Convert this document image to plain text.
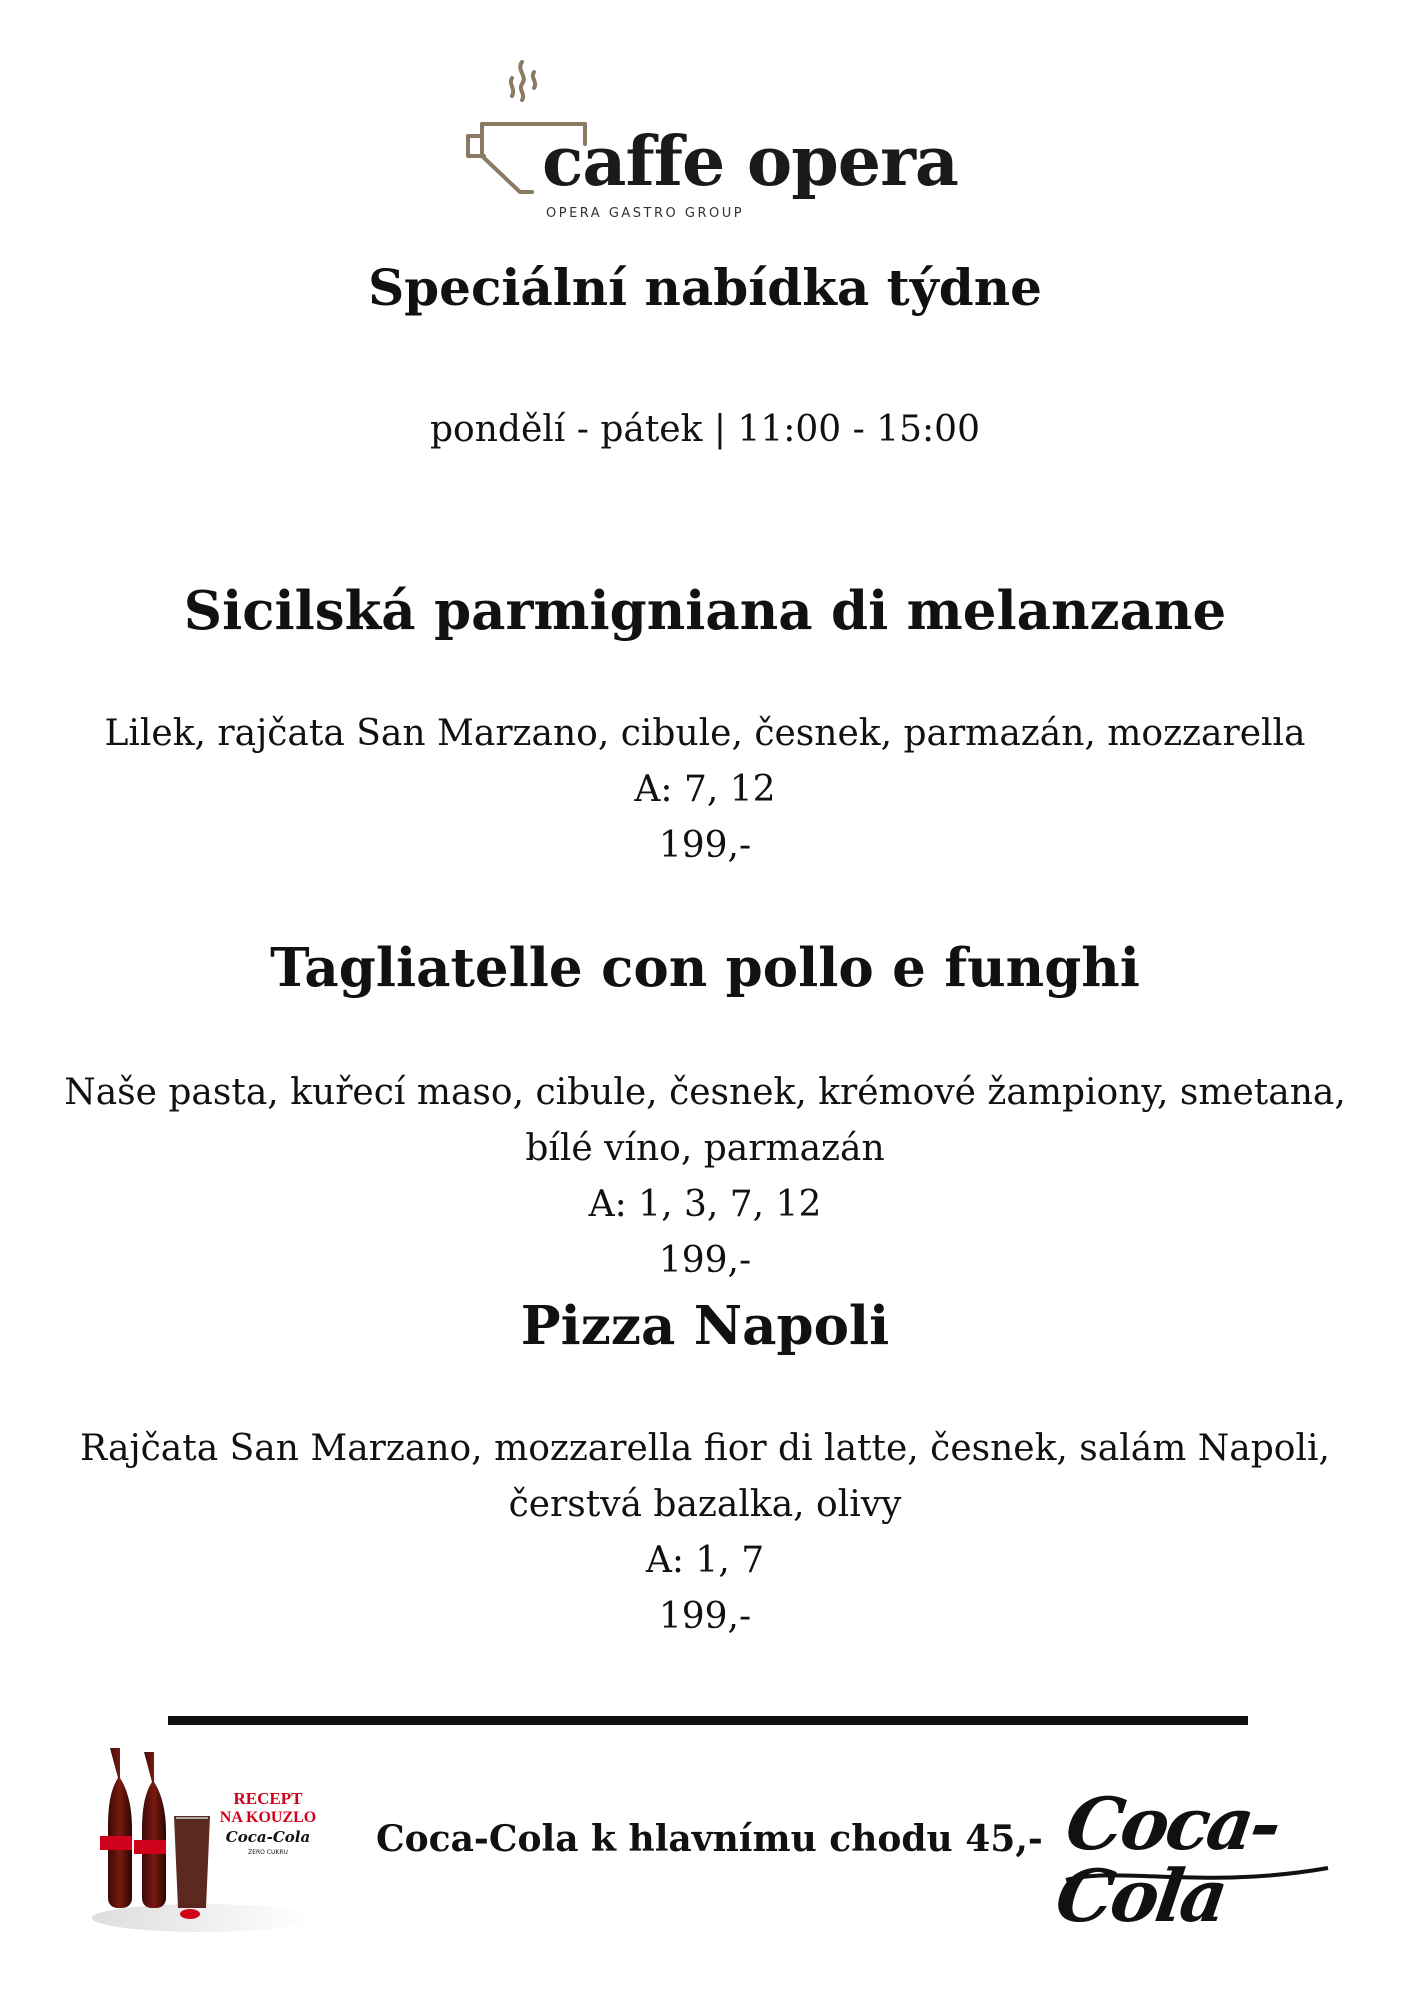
caffe opera
OPERA GASTRO GROUP
Speciální nabídka týdne
pondělí - pátek | 11:00 - 15:00
Sicilská parmigniana di melanzane
Lilek, rajčata San Marzano, cibule, česnek, parmazán, mozzarella
A: 7, 12
199,-
Tagliatelle con pollo e funghi
Naše pasta, kuřecí maso, cibule, česnek, krémové žampiony, smetana,
bílé víno, parmazán
A: 1, 3, 7, 12
199,-
Pizza Napoli
Rajčata San Marzano, mozzarella fior di latte, česnek, salám Napoli,
čerstvá bazalka, olivy
A: 1, 7
199,-
RECEPT
NA KOUZLO
Coca-Cola
ZERO CUKRU Coca-Cola k hlavnímu chodu 45,- Coca-Cola
